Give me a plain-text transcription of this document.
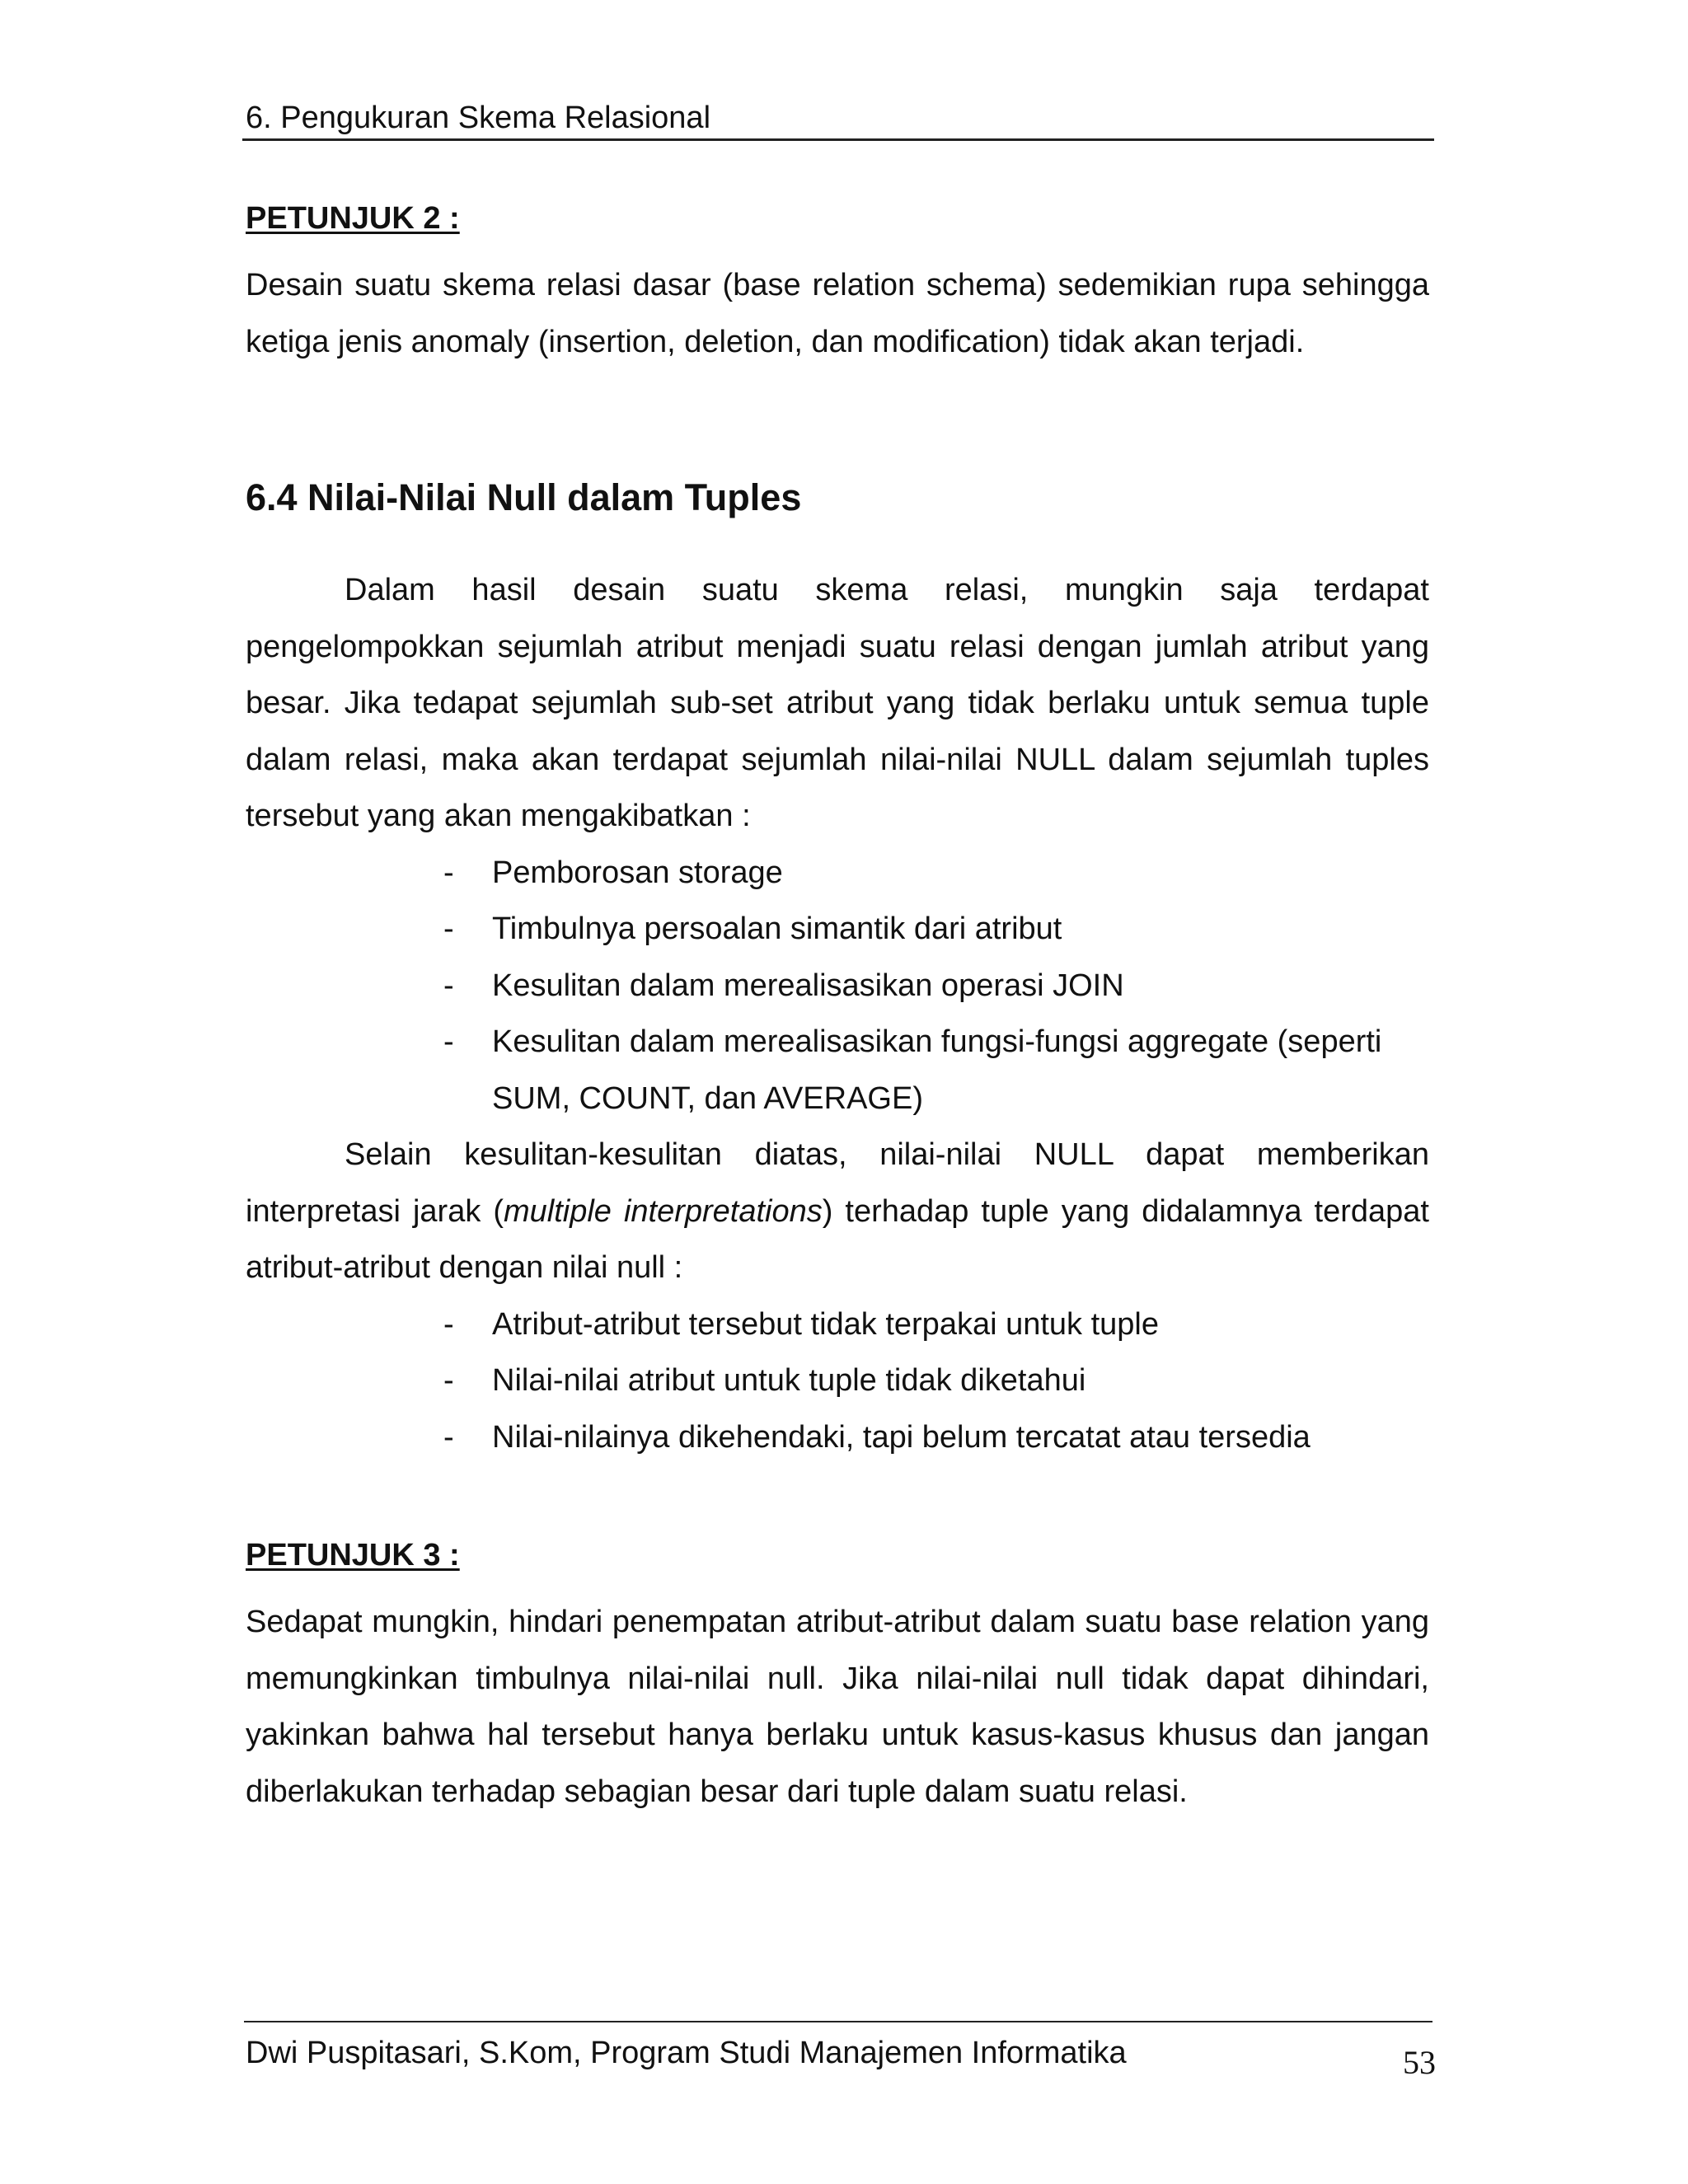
6. Pengukuran Skema Relasional

PETUNJUK 2 :

Desain suatu skema relasi dasar (base relation schema) sedemikian rupa sehingga ketiga jenis anomaly (insertion, deletion, dan modification) tidak akan terjadi.

6.4 Nilai-Nilai Null dalam Tuples

Dalam hasil desain suatu skema relasi, mungkin saja terdapat pengelompokkan sejumlah atribut menjadi suatu relasi dengan jumlah atribut yang besar. Jika tedapat sejumlah sub-set atribut yang tidak berlaku untuk semua tuple dalam relasi, maka akan terdapat sejumlah nilai-nilai NULL dalam sejumlah tuples tersebut yang akan mengakibatkan :

- Pemborosan storage
- Timbulnya persoalan simantik dari atribut
- Kesulitan dalam merealisasikan operasi JOIN
- Kesulitan dalam merealisasikan fungsi-fungsi aggregate (seperti SUM, COUNT, dan AVERAGE)

Selain kesulitan-kesulitan diatas, nilai-nilai NULL dapat memberikan interpretasi jarak (multiple interpretations) terhadap tuple yang didalamnya terdapat atribut-atribut dengan nilai null :

- Atribut-atribut tersebut tidak terpakai untuk tuple
- Nilai-nilai atribut untuk tuple tidak diketahui
- Nilai-nilainya dikehendaki, tapi belum tercatat atau tersedia

PETUNJUK 3 :

Sedapat mungkin, hindari penempatan atribut-atribut dalam suatu base relation yang memungkinkan timbulnya nilai-nilai null. Jika nilai-nilai null tidak dapat dihindari, yakinkan bahwa hal tersebut hanya berlaku untuk kasus-kasus khusus dan jangan diberlakukan terhadap sebagian besar dari tuple dalam suatu relasi.

Dwi Puspitasari, S.Kom, Program Studi Manajemen Informatika	53
